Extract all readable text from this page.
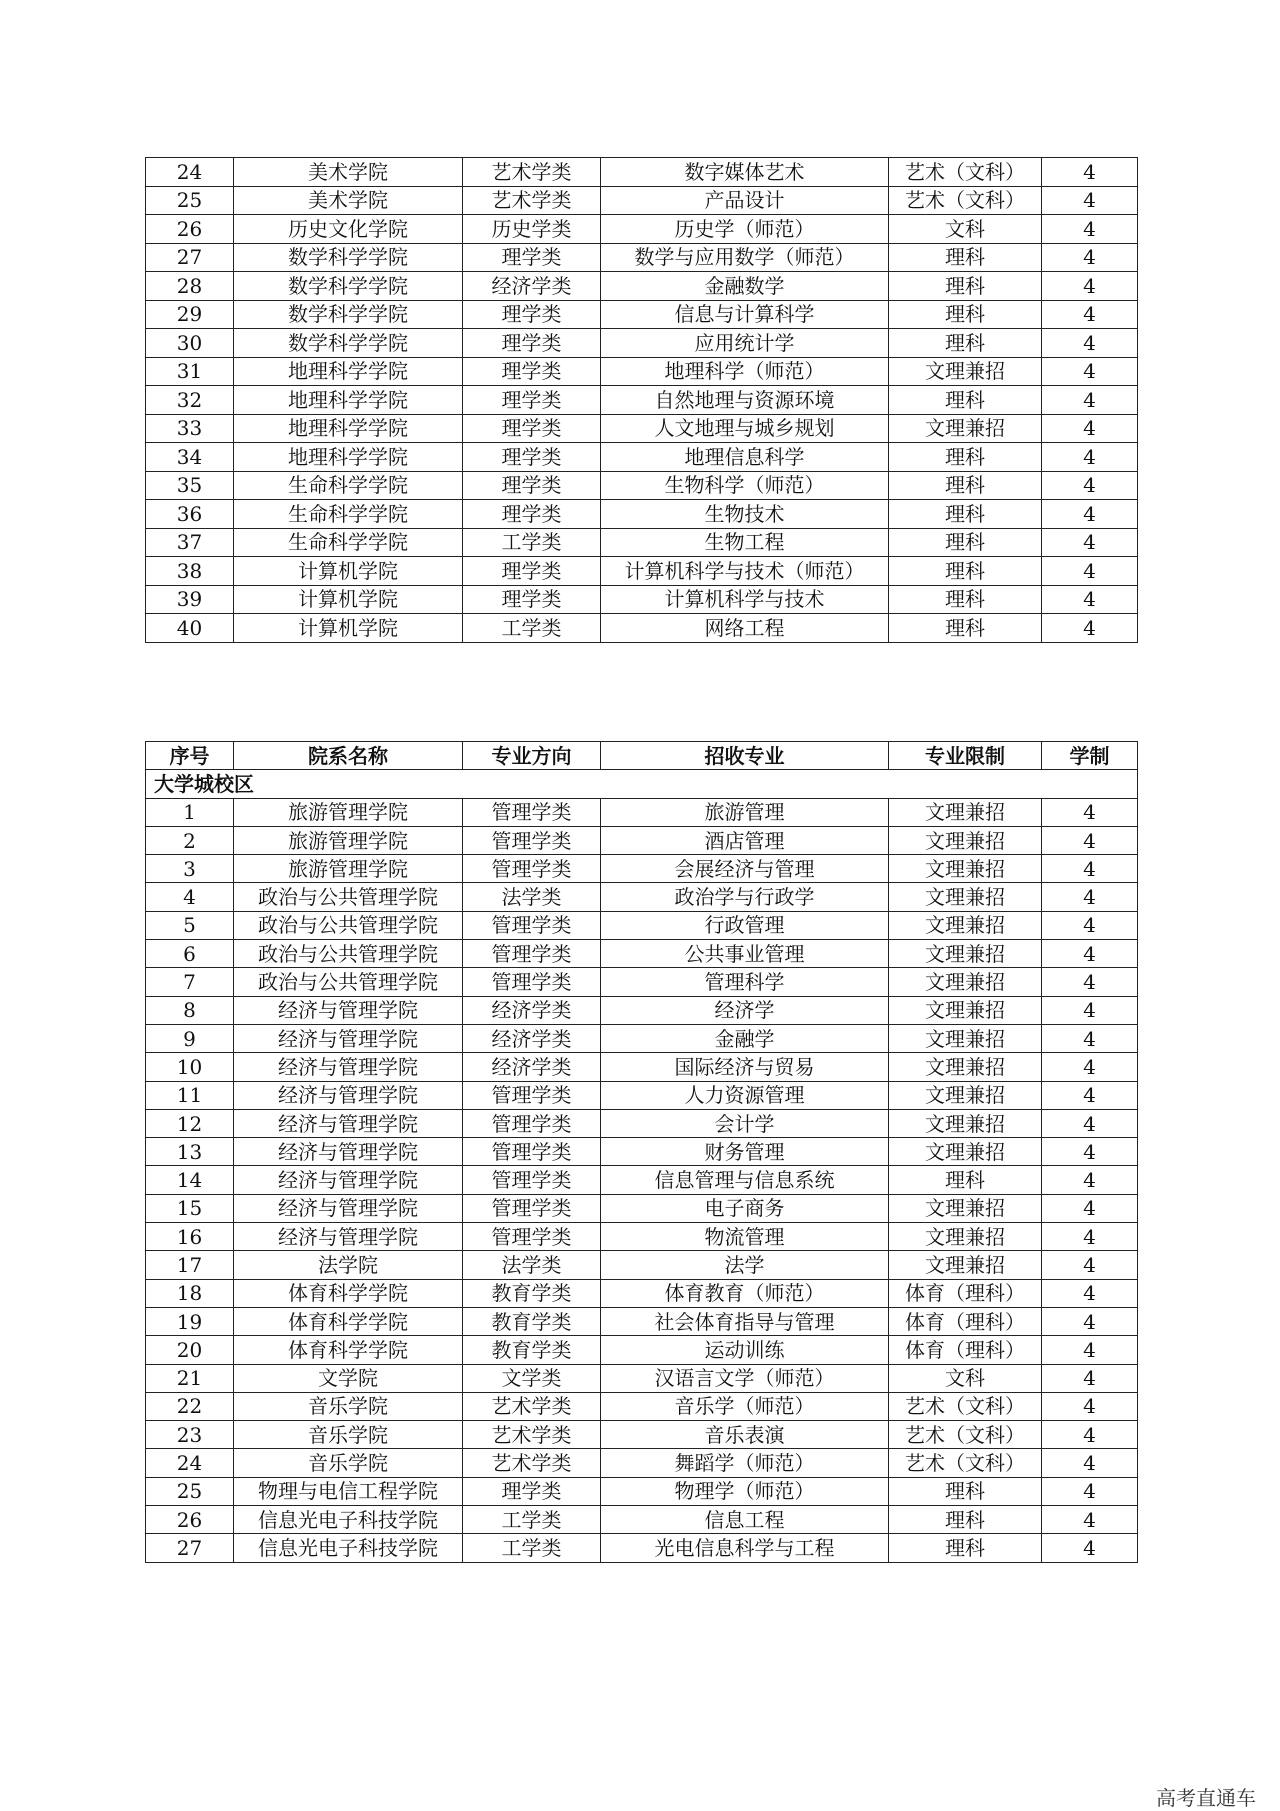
24	美术学院	艺术学类	数字媒体艺术	艺术（文科）	4
25	美术学院	艺术学类	产品设计	艺术（文科）	4
26	历史文化学院	历史学类	历史学（师范）	文科	4
27	数学科学学院	理学类	数学与应用数学（师范）	理科	4
28	数学科学学院	经济学类	金融数学	理科	4
29	数学科学学院	理学类	信息与计算科学	理科	4
30	数学科学学院	理学类	应用统计学	理科	4
31	地理科学学院	理学类	地理科学（师范）	文理兼招	4
32	地理科学学院	理学类	自然地理与资源环境	理科	4
33	地理科学学院	理学类	人文地理与城乡规划	文理兼招	4
34	地理科学学院	理学类	地理信息科学	理科	4
35	生命科学学院	理学类	生物科学（师范）	理科	4
36	生命科学学院	理学类	生物技术	理科	4
37	生命科学学院	工学类	生物工程	理科	4
38	计算机学院	理学类	计算机科学与技术（师范）	理科	4
39	计算机学院	理学类	计算机科学与技术	理科	4
40	计算机学院	工学类	网络工程	理科	4
序号	院系名称	专业方向	招收专业	专业限制	学制
大学城校区					
1	旅游管理学院	管理学类	旅游管理	文理兼招	4
2	旅游管理学院	管理学类	酒店管理	文理兼招	4
3	旅游管理学院	管理学类	会展经济与管理	文理兼招	4
4	政治与公共管理学院	法学类	政治学与行政学	文理兼招	4
5	政治与公共管理学院	管理学类	行政管理	文理兼招	4
6	政治与公共管理学院	管理学类	公共事业管理	文理兼招	4
7	政治与公共管理学院	管理学类	管理科学	文理兼招	4
8	经济与管理学院	经济学类	经济学	文理兼招	4
9	经济与管理学院	经济学类	金融学	文理兼招	4
10	经济与管理学院	经济学类	国际经济与贸易	文理兼招	4
11	经济与管理学院	管理学类	人力资源管理	文理兼招	4
12	经济与管理学院	管理学类	会计学	文理兼招	4
13	经济与管理学院	管理学类	财务管理	文理兼招	4
14	经济与管理学院	管理学类	信息管理与信息系统	理科	4
15	经济与管理学院	管理学类	电子商务	文理兼招	4
16	经济与管理学院	管理学类	物流管理	文理兼招	4
17	法学院	法学类	法学	文理兼招	4
18	体育科学学院	教育学类	体育教育（师范）	体育（理科）	4
19	体育科学学院	教育学类	社会体育指导与管理	体育（理科）	4
20	体育科学学院	教育学类	运动训练	体育（理科）	4
21	文学院	文学类	汉语言文学（师范）	文科	4
22	音乐学院	艺术学类	音乐学（师范）	艺术（文科）	4
23	音乐学院	艺术学类	音乐表演	艺术（文科）	4
24	音乐学院	艺术学类	舞蹈学（师范）	艺术（文科）	4
25	物理与电信工程学院	理学类	物理学（师范）	理科	4
26	信息光电子科技学院	工学类	信息工程	理科	4
27	信息光电子科技学院	工学类	光电信息科学与工程	理科	4
高考直通车
